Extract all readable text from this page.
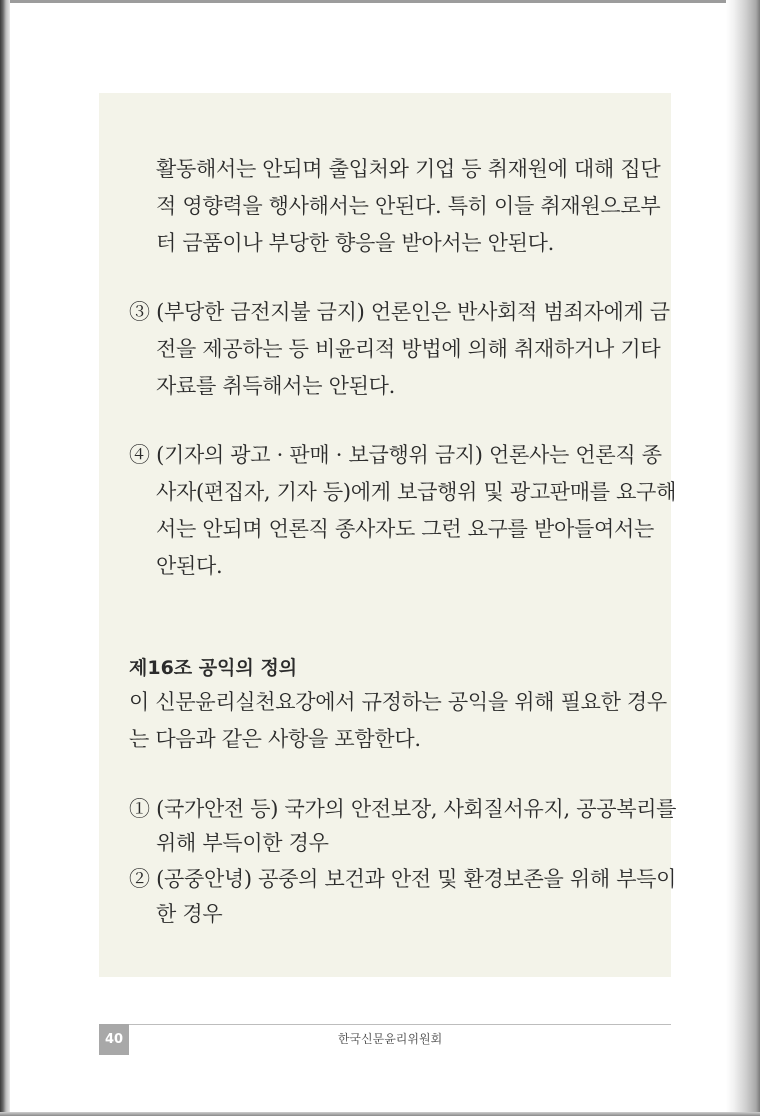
활동해서는 안되며 출입처와 기업 등 취재원에 대해 집단
적 영향력을 행사해서는 안된다. 특히 이들 취재원으로부
터 금품이나 부당한 향응을 받아서는 안된다.
③ (부당한 금전지불 금지) 언론인은 반사회적 범죄자에게 금
전을 제공하는 등 비윤리적 방법에 의해 취재하거나 기타
자료를 취득해서는 안된다.
④ (기자의 광고 · 판매 · 보급행위 금지) 언론사는 언론직 종
사자(편집자, 기자 등)에게 보급행위 및 광고판매를 요구해
서는 안되며 언론직 종사자도 그런 요구를 받아들여서는
안된다.
제16조 공익의 정의
이 신문윤리실천요강에서 규정하는 공익을 위해 필요한 경우
는 다음과 같은 사항을 포함한다.
① (국가안전 등) 국가의 안전보장, 사회질서유지, 공공복리를
위해 부득이한 경우
② (공중안녕) 공중의 보건과 안전 및 환경보존을 위해 부득이
한 경우
40	한국신문윤리위원회
